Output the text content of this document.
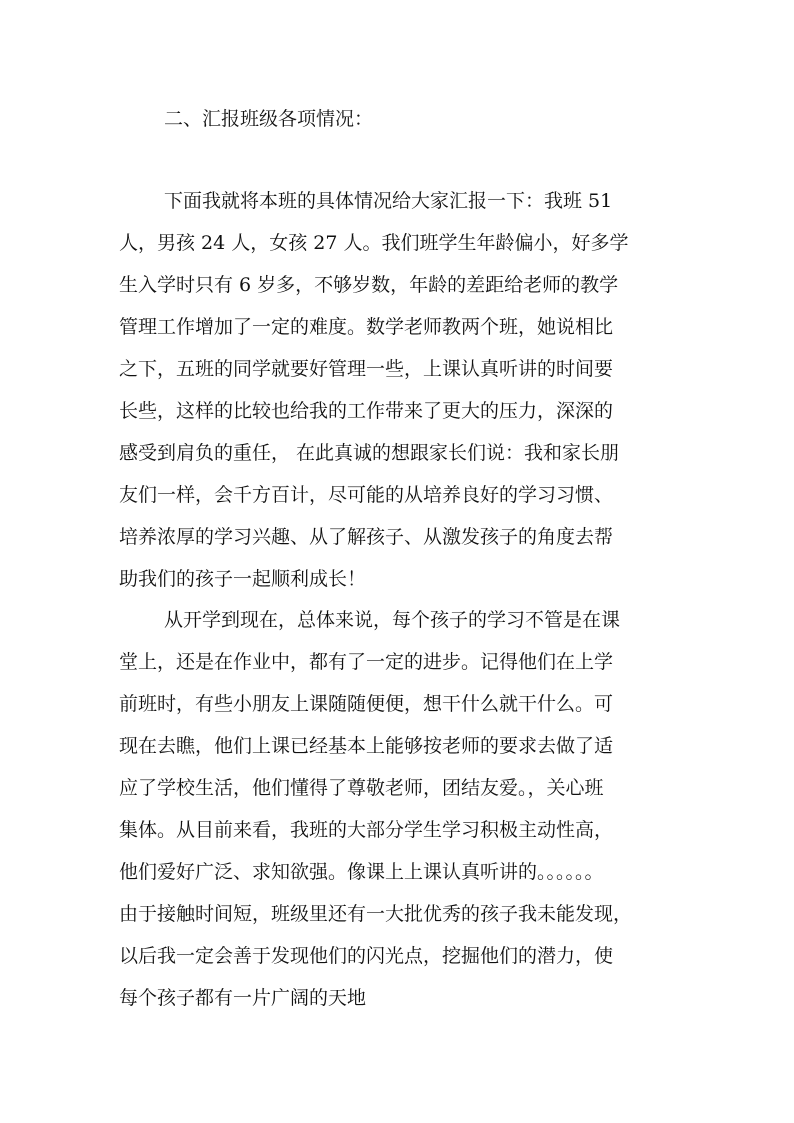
二、汇报班级各项情况：
下面我就将本班的具体情况给大家汇报一下：我班 51
人，男孩 24 人，女孩 27 人。我们班学生年龄偏小，好多学
生入学时只有 6 岁多，不够岁数，年龄的差距给老师的教学
管理工作增加了一定的难度。数学老师教两个班，她说相比
之下，五班的同学就要好管理一些，上课认真听讲的时间要
长些，这样的比较也给我的工作带来了更大的压力，深深的
感受到肩负的重任， 在此真诚的想跟家长们说：我和家长朋
友们一样，会千方百计，尽可能的从培养良好的学习习惯、
培养浓厚的学习兴趣、从了解孩子、从激发孩子的角度去帮
助我们的孩子一起顺利成长！
从开学到现在，总体来说，每个孩子的学习不管是在课
堂上，还是在作业中，都有了一定的进步。记得他们在上学
前班时，有些小朋友上课随随便便，想干什么就干什么。可
现在去瞧，他们上课已经基本上能够按老师的要求去做了适
应了学校生活，他们懂得了尊敬老师，团结友爱。，关心班
集体。从目前来看，我班的大部分学生学习积极主动性高，
他们爱好广泛、求知欲强。像课上上课认真听讲的。。。。。。
由于接触时间短，班级里还有一大批优秀的孩子我未能发现，
以后我一定会善于发现他们的闪光点，挖掘他们的潜力，使
每个孩子都有一片广阔的天地
